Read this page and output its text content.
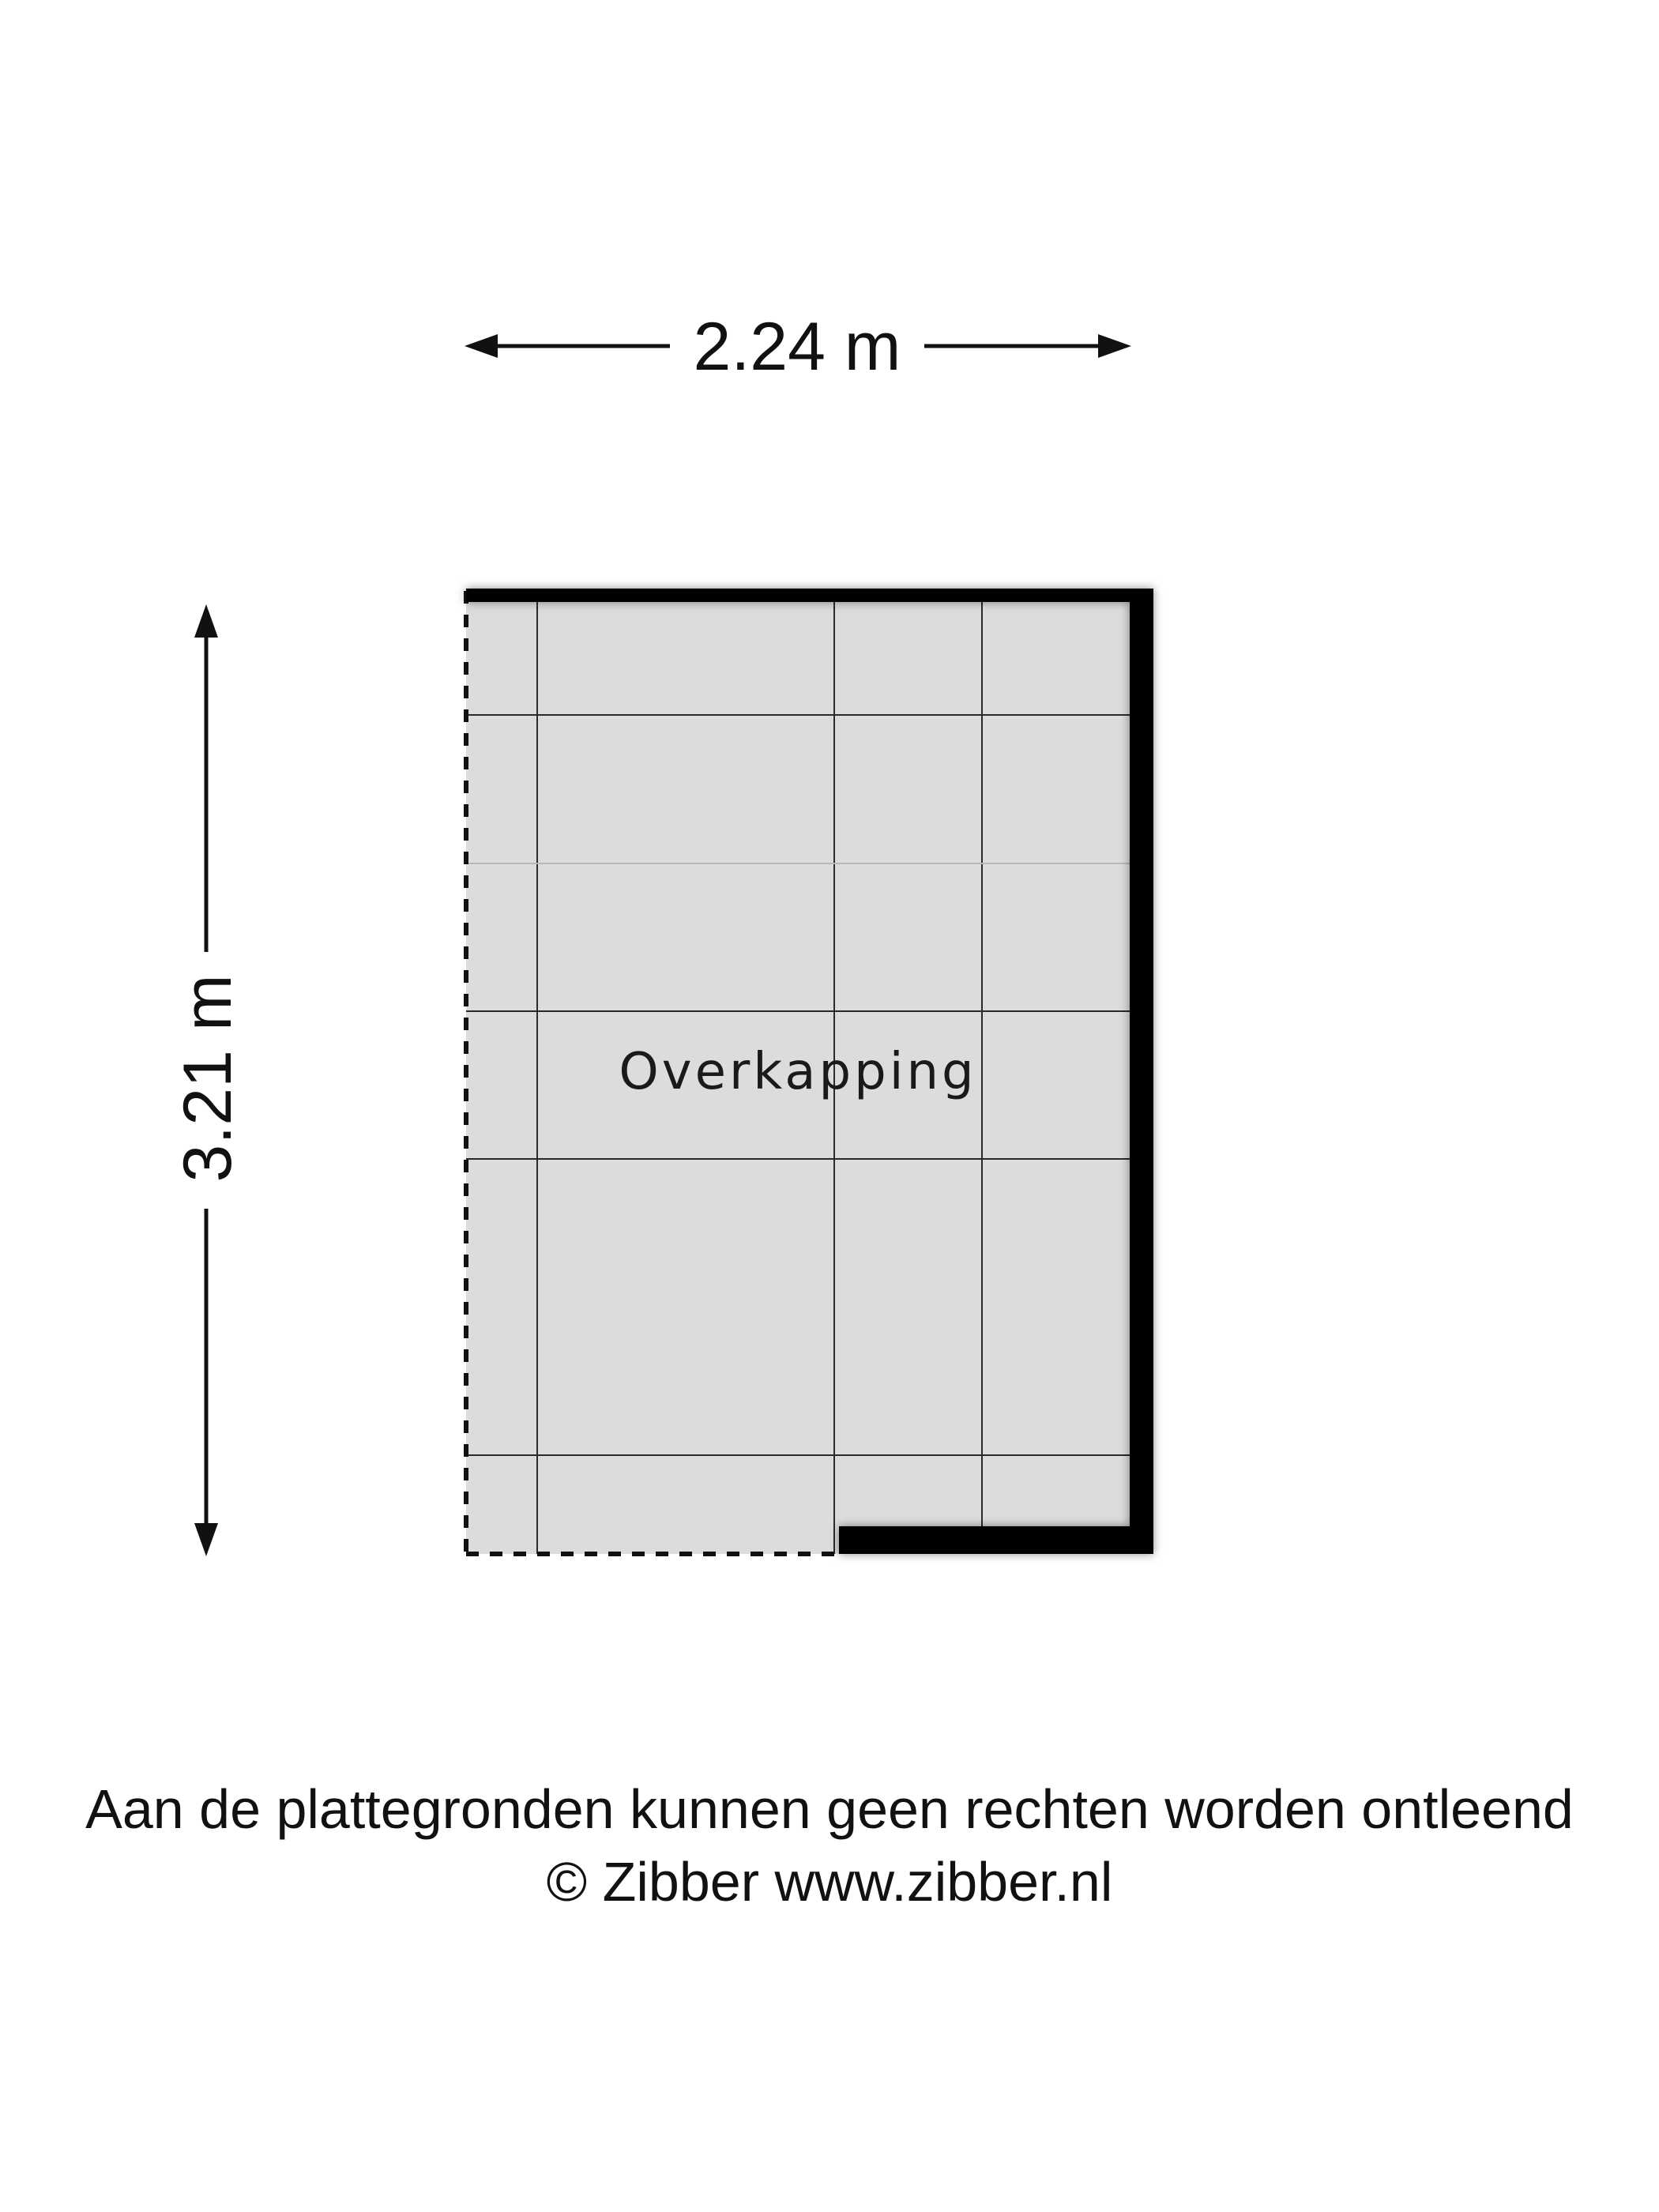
2.24 m
3.21 m	Overkapping
Aan de plattegronden kunnen geen rechten worden ontleend
© Zibber www.zibber.nl
